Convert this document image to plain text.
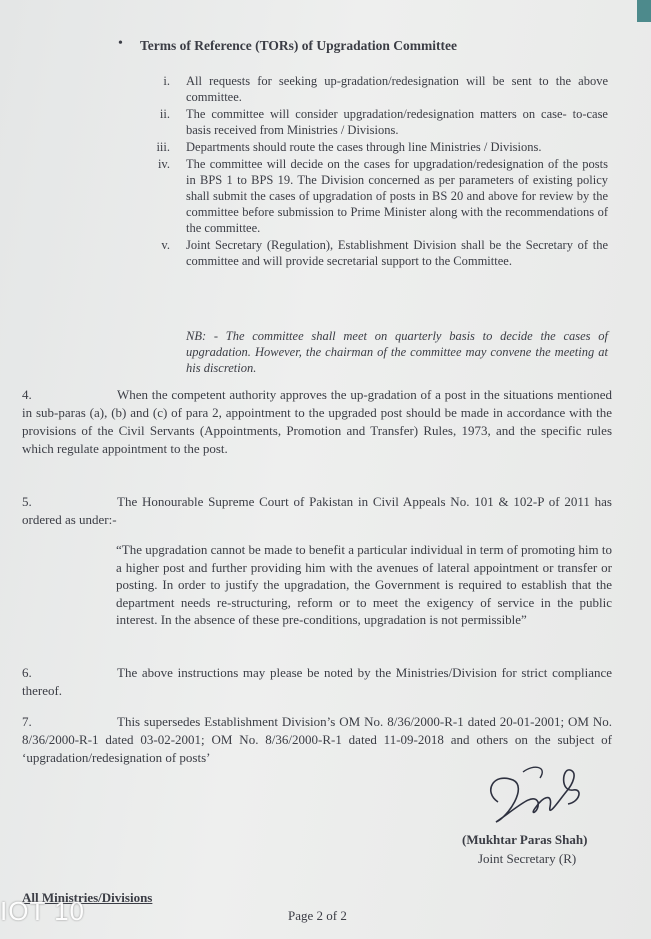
• Terms of Reference (TORs) of Upgradation Committee
i. All requests for seeking up-gradation/redesignation will be sent to the above committee.
ii. The committee will consider upgradation/redesignation matters on case- to-case basis received from Ministries / Divisions.
iii. Departments should route the cases through line Ministries / Divisions.
iv. The committee will decide on the cases for upgradation/redesignation of the posts in BPS 1 to BPS 19. The Division concerned as per parameters of existing policy shall submit the cases of upgradation of posts in BS 20 and above for review by the committee before submission to Prime Minister along with the recommendations of the committee.
v. Joint Secretary (Regulation), Establishment Division shall be the Secretary of the committee and will provide secretarial support to the Committee.
NB: - The committee shall meet on quarterly basis to decide the cases of upgradation. However, the chairman of the committee may convene the meeting at his discretion.
4.	When the competent authority approves the up-gradation of a post in the situations mentioned in sub-paras (a), (b) and (c) of para 2, appointment to the upgraded post should be made in accordance with the provisions of the Civil Servants (Appointments, Promotion and Transfer) Rules, 1973, and the specific rules which regulate appointment to the post.
5.	The Honourable Supreme Court of Pakistan in Civil Appeals No. 101 & 102-P of 2011 has ordered as under:-
“The upgradation cannot be made to benefit a particular individual in term of promoting him to a higher post and further providing him with the avenues of lateral appointment or transfer or posting. In order to justify the upgradation, the Government is required to establish that the department needs re-structuring, reform or to meet the exigency of service in the public interest. In the absence of these pre-conditions, upgradation is not permissible”
6.	The above instructions may please be noted by the Ministries/Division for strict compliance thereof.
7.	This supersedes Establishment Division’s OM No. 8/36/2000-R-1 dated 20-01-2001; OM No. 8/36/2000-R-1 dated 03-02-2001; OM No. 8/36/2000-R-1 dated 11-09-2018 and others on the subject of ‘upgradation/redesignation of posts’
(Mukhtar Paras Shah)
Joint Secretary (R)
All Ministries/Divisions
Page 2 of 2
IOT 10
